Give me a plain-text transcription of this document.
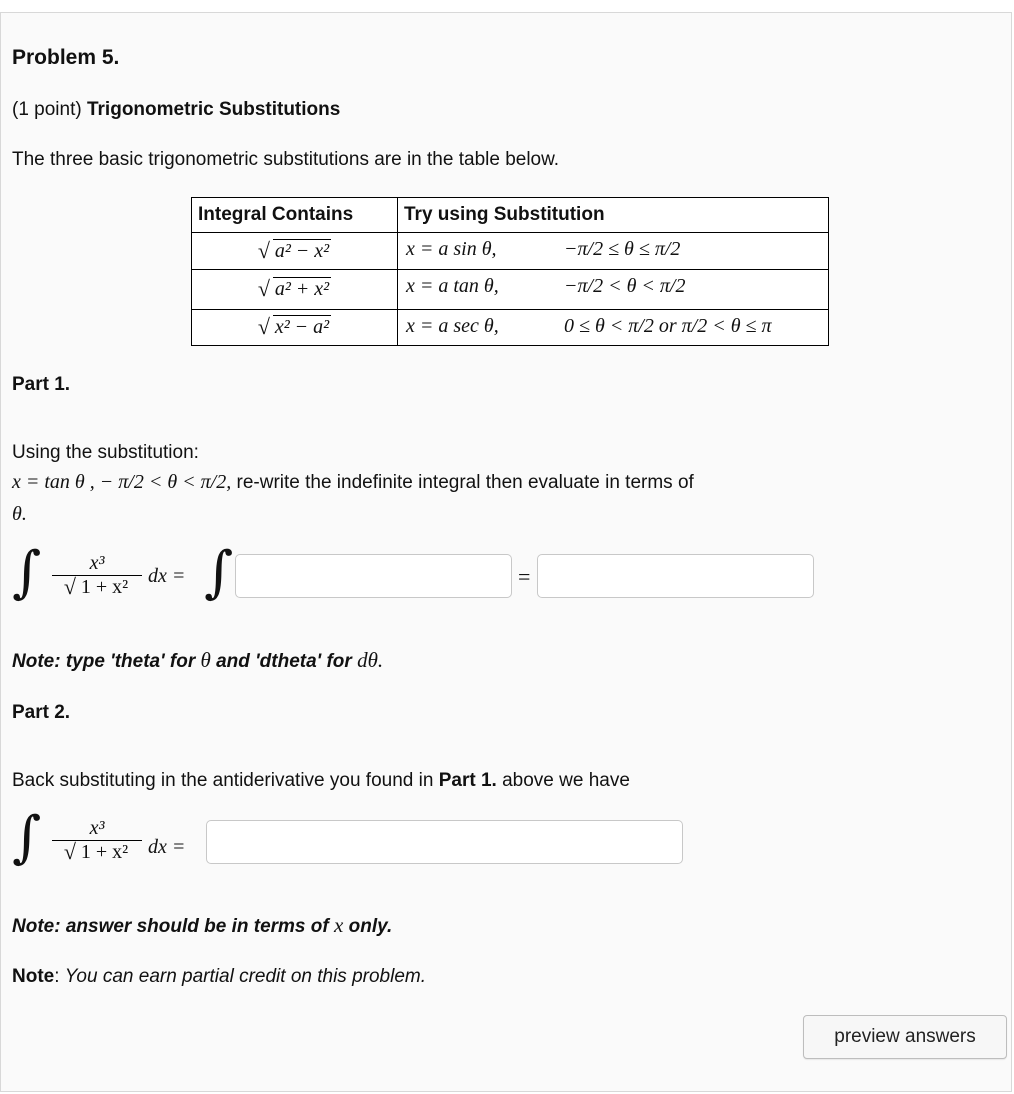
Problem 5.
(1 point) Trigonometric Substitutions
The three basic trigonometric substitutions are in the table below.
Integral Contains	Try using Substitution
√ a² − x²	x = a sin θ, −π/2 ≤ θ ≤ π/2

√ a² + x²	x = a tan θ, −π/2 < θ < π/2

√ x² − a²	x = a sec θ, 0 ≤ θ < π/2 or π/2 < θ ≤ π
Part 1.
Using the substitution:
x = tan θ , − π/2 < θ < π/2, re-write the indefinite integral then evaluate in terms of
θ.
∫ x³
√ 1 + x² dx = ∫	=
Note: type 'theta' for θ and 'dtheta' for dθ.
Part 2.
Back substituting in the antiderivative you found in Part 1. above we have
∫ x³
√ 1 + x² dx =
Note: answer should be in terms of x only.
Note: You can earn partial credit on this problem.
preview answers
